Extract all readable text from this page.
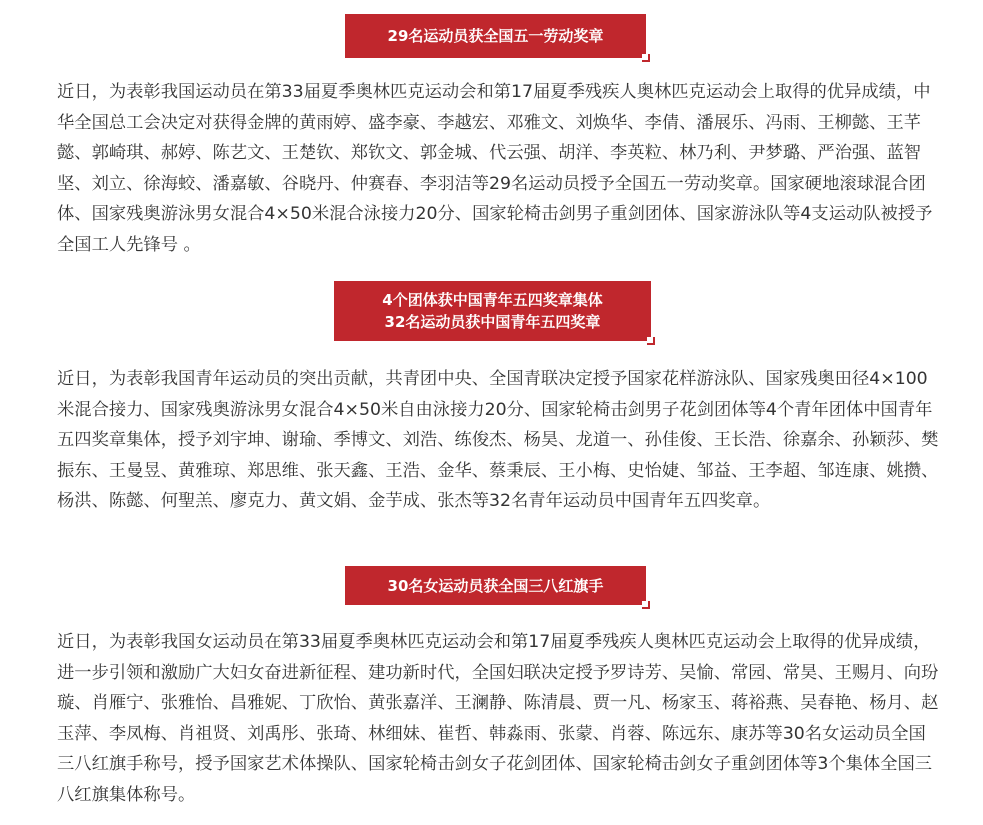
29名运动员获全国五一劳动奖章

近日，为表彰我国运动员在第33届夏季奥林匹克运动会和第17届夏季残疾人奥林匹克运动会上取得的优异成绩，中华全国总工会决定对获得金牌的黄雨婷、盛李豪、李越宏、邓雅文、刘焕华、李倩、潘展乐、冯雨、王柳懿、王芊懿、郭崎琪、郝婷、陈艺文、王楚钦、郑钦文、郭金城、代云强、胡洋、李英粒、林乃利、尹梦璐、严治强、蓝智坚、刘立、徐海蛟、潘嘉敏、谷晓丹、仲赛春、李羽洁等29名运动员授予全国五一劳动奖章。国家硬地滚球混合团体、国家残奥游泳男女混合4×50米混合泳接力20分、国家轮椅击剑男子重剑团体、国家游泳队等4支运动队被授予全国工人先锋号 。

4个团体获中国青年五四奖章集体
32名运动员获中国青年五四奖章

近日，为表彰我国青年运动员的突出贡献，共青团中央、全国青联决定授予国家花样游泳队、国家残奥田径4×100米混合接力、国家残奥游泳男女混合4×50米自由泳接力20分、国家轮椅击剑男子花剑团体等4个青年团体中国青年五四奖章集体，授予刘宇坤、谢瑜、季博文、刘浩、练俊杰、杨昊、龙道一、孙佳俊、王长浩、徐嘉余、孙颖莎、樊振东、王曼昱、黄雅琼、郑思维、张天鑫、王浩、金华、蔡秉辰、王小梅、史怡婕、邹益、王李超、邹连康、姚攒、杨洪、陈懿、何聖羔、廖克力、黄文娟、金芋成、张杰等32名青年运动员中国青年五四奖章。

30名女运动员获全国三八红旗手

近日，为表彰我国女运动员在第33届夏季奥林匹克运动会和第17届夏季残疾人奥林匹克运动会上取得的优异成绩，进一步引领和激励广大妇女奋进新征程、建功新时代，全国妇联决定授予罗诗芳、吴愉、常园、常昊、王赐月、向玢璇、肖雁宁、张雅怡、昌雅妮、丁欣怡、黄张嘉洋、王澜静、陈清晨、贾一凡、杨家玉、蒋裕燕、吴春艳、杨月、赵玉萍、李凤梅、肖祖贤、刘禹彤、张琦、林细妹、崔哲、韩淼雨、张蒙、肖蓉、陈远东、康苏等30名女运动员全国三八红旗手称号，授予国家艺术体操队、国家轮椅击剑女子花剑团体、国家轮椅击剑女子重剑团体等3个集体全国三八红旗集体称号。
